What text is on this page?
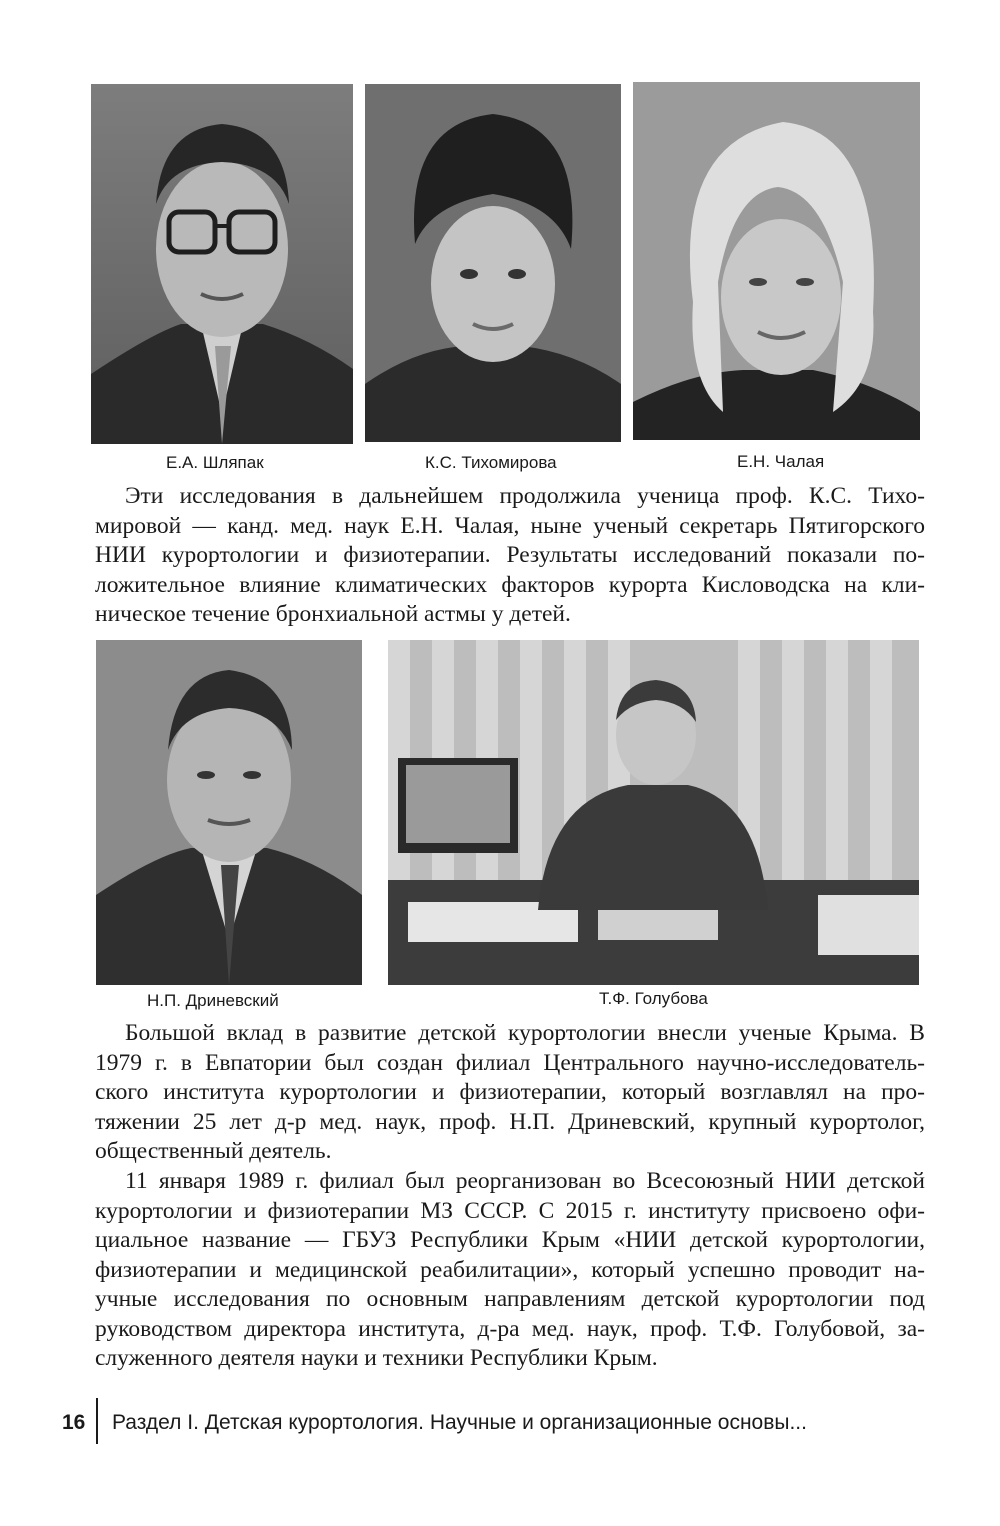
Е.А. Шляпак	К.С. Тихомирова	Е.Н. Чалая
Эти исследования в дальнейшем продолжила ученица проф. К.С. Тихо-
мировой — канд. мед. наук Е.Н. Чалая, ныне ученый секретарь Пятигорского
НИИ курортологии и физиотерапии. Результаты исследований показали по-
ложительное влияние климатических факторов курорта Кисловодска на кли-
ническое течение бронхиальной астмы у детей.
Н.П. Дриневский	Т.Ф. Голубова
Большой вклад в развитие детской курортологии внесли ученые Крыма. В
1979 г. в Евпатории был создан филиал Центрального научно-исследователь-
ского института курортологии и физиотерапии, который возглавлял на про-
тяжении 25 лет д-р мед. наук, проф. Н.П. Дриневский, крупный курортолог,
общественный деятель.
11 января 1989 г. филиал был реорганизован во Всесоюзный НИИ детской
курортологии и физиотерапии МЗ СССР. С 2015 г. институту присвоено офи-
циальное название — ГБУЗ Республики Крым «НИИ детской курортологии,
физиотерапии и медицинской реабилитации», который успешно проводит на-
учные исследования по основным направлениям детской курортологии под
руководством директора института, д-ра мед. наук, проф. Т.Ф. Голубовой, за-
служенного деятеля науки и техники Республики Крым.
16 Раздел I. Детская курортология. Научные и организационные основы...
